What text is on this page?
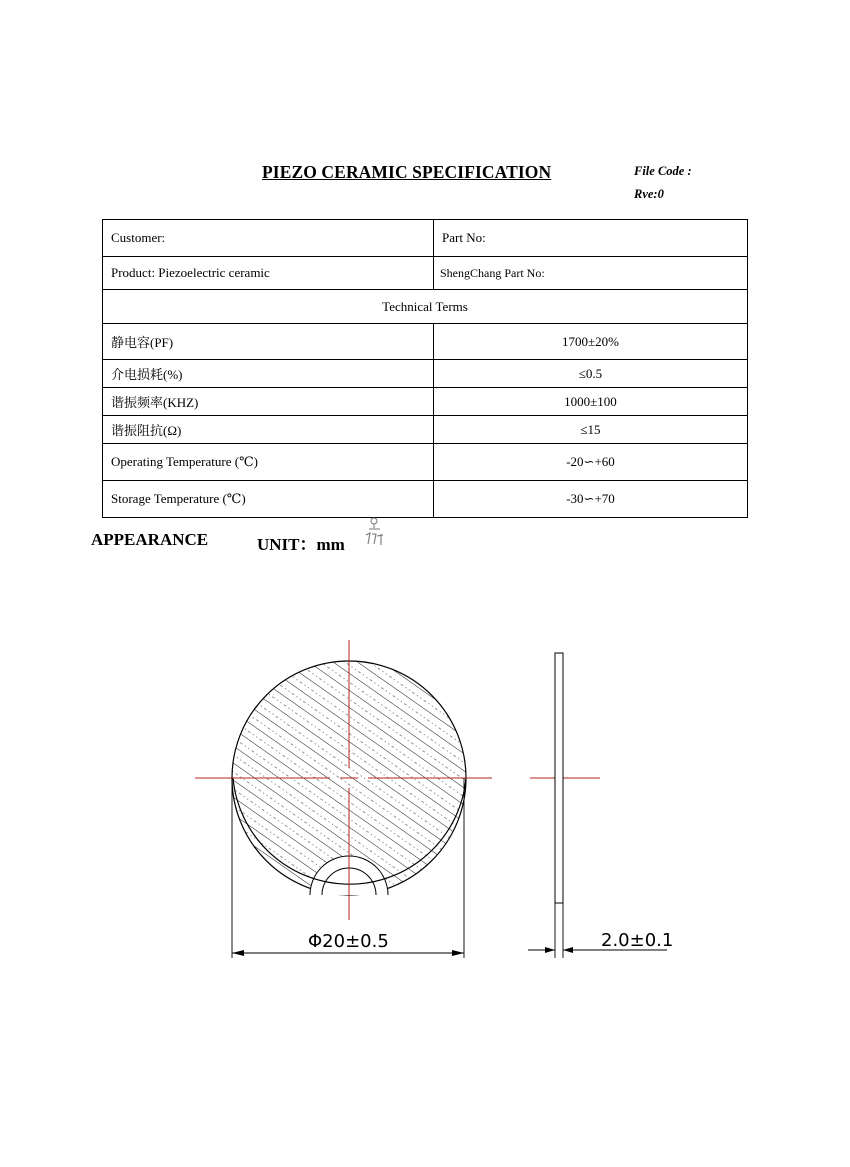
PIEZO CERAMIC SPECIFICATION	File Code :
Rve:0
Customer:	Part No:
Product: Piezoelectric ceramic	ShengChang Part No:
Technical Terms	
静电容(PF)	1700±20%
介电损耗(%)	≤0.5
谐振频率(KHZ)	1000±100
谐振阻抗(Ω)	≤15
Operating Temperature (℃)	-20∽+60
Storage Temperature (℃)	-30∽+70
APPEARANCE	UNIT：mm
Φ20±0.5	2.0±0.1
